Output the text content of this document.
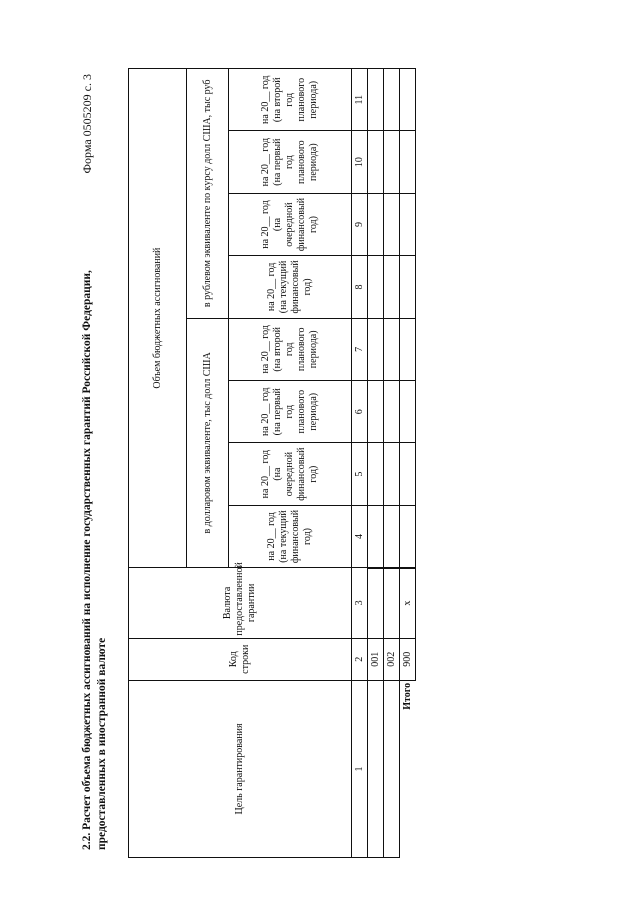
2.2. Расчет объема бюджетных ассигнований на исполнение государственных гарантий Российской Федерации, предоставленных в иностранной валюте
Форма 0505209 с. 3
Цель гарантирования	Код строки	Валюта предоставленной гарантии	Объем бюджетных ассигнований							
			в долларовом эквиваленте, тыс долл США				в рублевом эквиваленте по курсу долл США, тыс руб			

			на 20__ год (на текущий финансовый год)	на 20__ год (на очередной финансовый год)	на 20__ год (на первый год планового периода)	на 20__ год (на второй год планового периода)	на 20__ год (на текущий финансовый год)	на 20__ год (на очередной финансовый год)	на 20__ год (на первый год планового периода)	на 20__ год (на второй год планового периода)

1	2	3	4	5	6	7	8	9	10	11
	001									
	002									
Итого	900	x								
